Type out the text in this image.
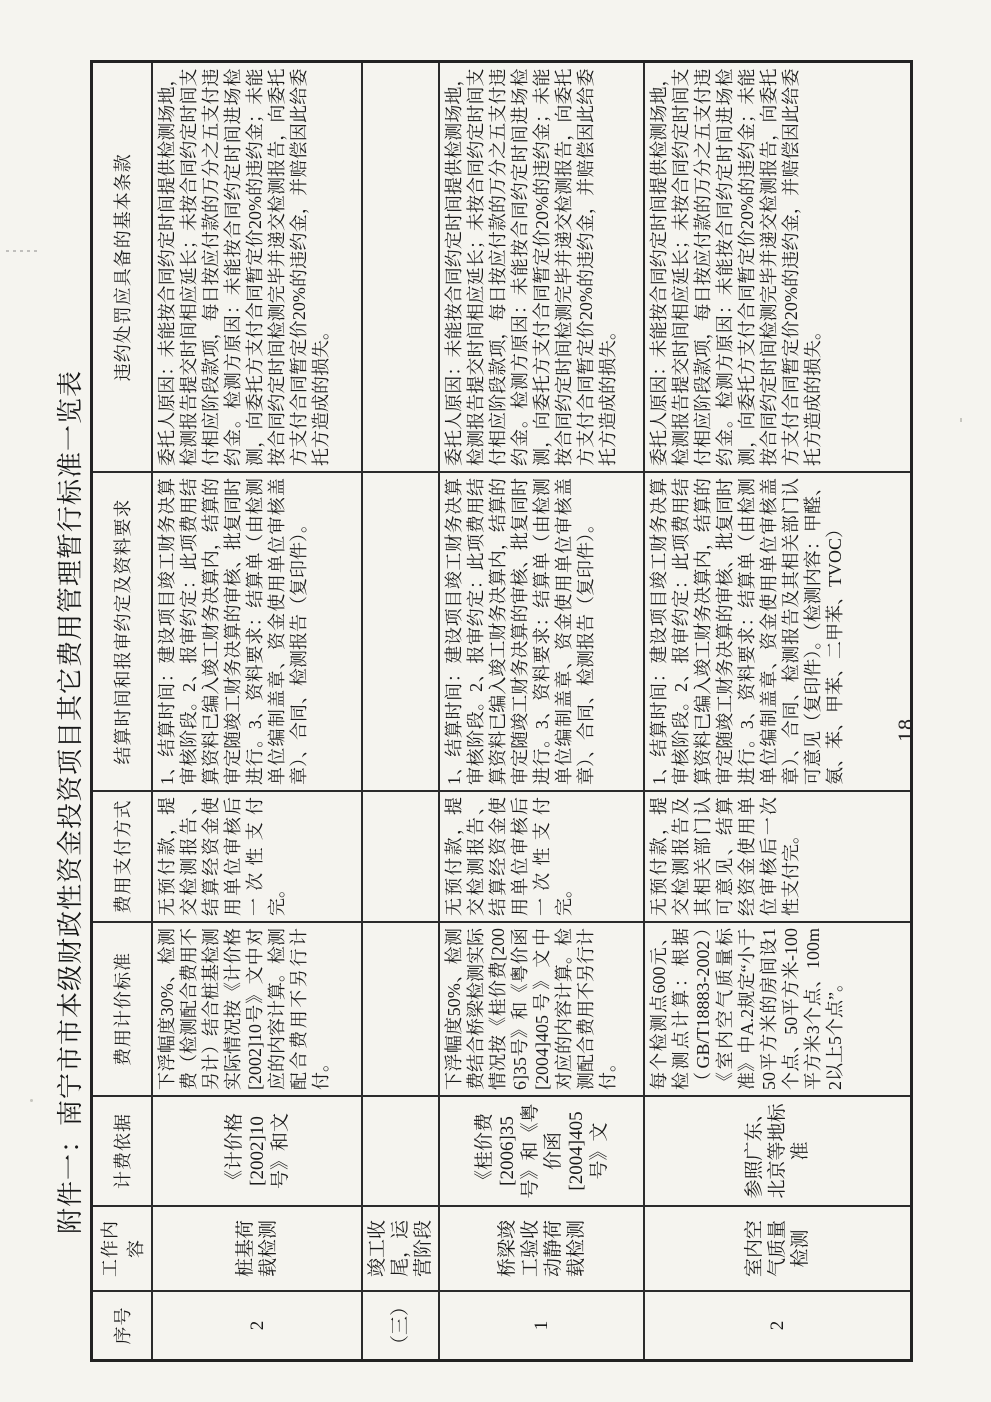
附件一：南宁市市本级财政性资金投资项目其它费用管理暂行标准一览表
序号	工作内容	计费依据	费用计价标准	费用支付方式	结算时间和报审约定及资料要求	违约处罚应具备的基本条款
2	桩基荷载检测	《计价格[2002]10号》和文	下浮幅度30%、检测费（检测配合费用不另计）结合桩基检测实际情况按《计价格[2002]10号》文中对应的内容计算。检测配合费用不另行计付。	无预付款，提交检测报告、结算经资金使用单位审核后一次性支付完。	1、结算时间：建设项目竣工财务决算审核阶段。2、报审约定：此项费用结算资料已编入竣工财务决算内，结算的审定随竣工财务决算的审核、批复同时进行。3、资料要求：结算单（由检测单位编制盖章、资金使用单位审核盖章）、合同、检测报告（复印件）。	委托人原因：未能按合同约定时间提供检测场地，检测报告提交时间相应延长；未按合同约定时间支付相应阶段款项，每日按应付款的万分之五支付违约金。检测方原因：未能按合同约定时间进场检测，向委托方支付合同暂定价20%的违约金；未能按合同约定时间检测完毕并递交检测报告，向委托方支付合同暂定价20%的违约金，并赔偿因此给委托方造成的损失。
（三）	竣工收尾，运营阶段					
1	桥梁竣工验收动静荷载检测	《桂价费[2006]35号》和《粤价函[2004]405号》文	下浮幅度50%、检测费结合桥梁检测实际情况按《桂价费[2006]35号》和《粤价函[2004]405号》文中对应的内容计算。检测配合费用不另行计付。	无预付款，提交检测报告、结算经资金使用单位审核后一次性支付完。	1、结算时间：建设项目竣工财务决算审核阶段。2、报审约定：此项费用结算资料已编入竣工财务决算内，结算的审定随竣工财务决算的审核、批复同时进行。3、资料要求：结算单（由检测单位编制盖章、资金使用单位审核盖章）、合同、检测报告（复印件）。	委托人原因：未能按合同约定时间提供检测场地，检测报告提交时间相应延长；未按合同约定时间支付相应阶段款项，每日按应付款的万分之五支付违约金。检测方原因：未能按合同约定时间进场检测，向委托方支付合同暂定价20%的违约金；未能按合同约定时间检测完毕并递交检测报告，向委托方支付合同暂定价20%的违约金，并赔偿因此给委托方造成的损失。
2	室内空气质量检测	参照广东、北京等地标准	每个检测点600元、检测点计算：根据（GB/T18883-2002）《室内空气质量标准》中A.2规定“小于50平方米的房间设1个点、50平方米-100平方米3个点、100m2以上5个点”。	无预付款，提交检测报告及其相关部门认可意见、结算经资金使用单位审核后一次性支付完。	1、结算时间：建设项目竣工财务决算审核阶段。2、报审约定：此项费用结算资料已编入竣工财务决算内，结算的审定随竣工财务决算的审核、批复同时进行。3、资料要求：结算单（由检测单位编制盖章、资金使用单位审核盖章）、合同、检测报告及其相关部门认可意见（复印件）。（检测内容：甲醛、氨、苯、甲苯、二甲苯、TVOC）	委托人原因：未能按合同约定时间提供检测场地，检测报告提交时间相应延长；未按合同约定时间支付相应阶段款项，每日按应付款的万分之五支付违约金。检测方原因：未能按合同约定时间进场检测，向委托方支付合同暂定价20%的违约金；未能按合同约定时间检测完毕并递交检测报告，向委托方支付合同暂定价20%的违约金，并赔偿因此给委托方造成的损失。
18
